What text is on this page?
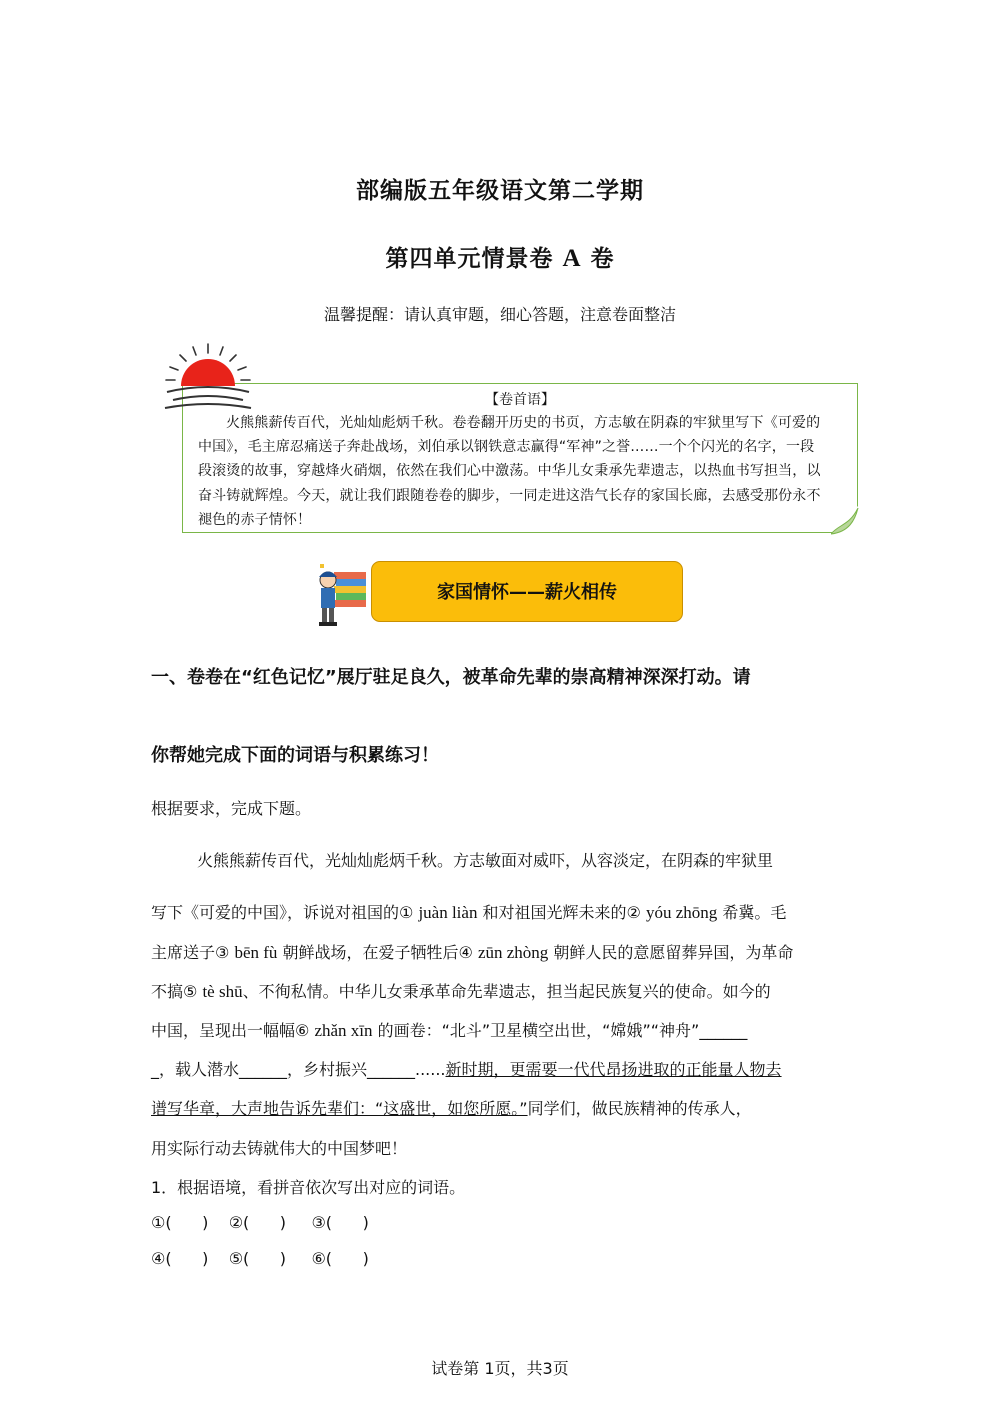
部编版五年级语文第二学期
第四单元情景卷 A 卷
温馨提醒：请认真审题，细心答题，注意卷面整洁
【卷首语】
火熊熊薪传百代，光灿灿彪炳千秋。卷卷翻开历史的书页，方志敏在阴森的牢狱里写下《可爱的中国》，毛主席忍痛送子奔赴战场，刘伯承以钢铁意志赢得“军神”之誉……一个个闪光的名字，一段段滚烫的故事，穿越烽火硝烟，依然在我们心中激荡。中华儿女秉承先辈遗志，以热血书写担当，以奋斗铸就辉煌。今天，就让我们跟随卷卷的脚步，一同走进这浩气长存的家国长廊，去感受那份永不褪色的赤子情怀！
家国情怀——薪火相传
一、卷卷在“红色记忆”展厅驻足良久，被革命先辈的崇高精神深深打动。请
你帮她完成下面的词语与积累练习！
根据要求，完成下题。
火熊熊薪传百代，光灿灿彪炳千秋。方志敏面对威吓，从容淡定，在阴森的牢狱里
写下《可爱的中国》，诉说对祖国的① juàn liàn 和对祖国光辉未来的② yóu zhōng 希冀。毛
主席送子③ bēn fù 朝鲜战场，在爱子牺牲后④ zūn zhòng 朝鲜人民的意愿留葬异国，为革命
不搞⑤ tè shū、不徇私情。中华儿女秉承革命先辈遗志，担当起民族复兴的使命。如今的
中国，呈现出一幅幅⑥ zhǎn xīn 的画卷：“北斗”卫星横空出世，“嫦娥”“神舟”______
_，载人潜水______，乡村振兴______......新时期，更需要一代代昂扬进取的正能量人物去
谱写华章，大声地告诉先辈们：“这盛世，如您所愿。”同学们，做民族精神的传承人，
用实际行动去铸就伟大的中国梦吧！
1．根据语境，看拼音依次写出对应的词语。
①(      )    ②(      )     ③(      )
④(      )    ⑤(      )     ⑥(      )
试卷第 1页，共3页
